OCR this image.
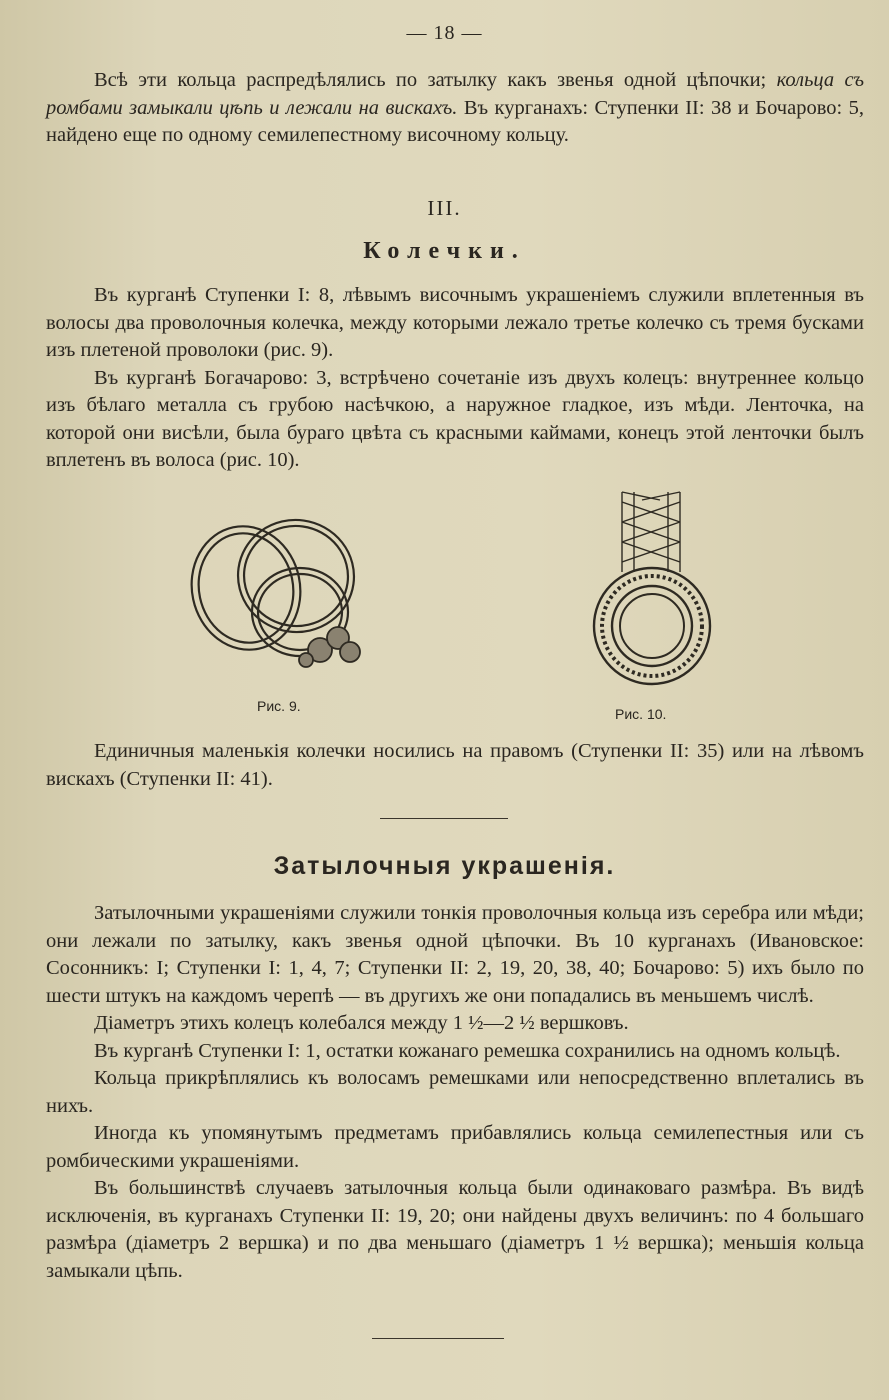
— 18 —

Всѣ эти кольца распредѣлялись по затылку какъ звенья одной цѣпочки; кольца съ ромбами замыкали цѣпь и лежали на вискахъ. Въ курганахъ: Ступенки II: 38 и Бочарово: 5, найдено еще по одному семилепестному височному кольцу.

III.
Колечки.

Въ курганѣ Ступенки I: 8, лѣвымъ височнымъ украшеніемъ служили вплетенныя въ волосы два проволочныя колечка, между которыми лежало третье колечко съ тремя бусками изъ плетеной проволоки (рис. 9).

Въ курганѣ Богачарово: 3, встрѣчено сочетаніе изъ двухъ колецъ: внутреннее кольцо изъ бѣлаго металла съ грубою насѣчкою, а наружное гладкое, изъ мѣди. Ленточка, на которой они висѣли, была бураго цвѣта съ красными каймами, конецъ этой ленточки былъ вплетенъ въ волоса (рис. 10).

Рис. 9.	Рис. 10.

Единичныя маленькія колечки носились на правомъ (Ступенки II: 35) или на лѣвомъ вискахъ (Ступенки II: 41).

Затылочныя украшенія.

Затылочными украшеніями служили тонкія проволочныя кольца изъ серебра или мѣди; они лежали по затылку, какъ звенья одной цѣпочки. Въ 10 курганахъ (Ивановское: Сосонникъ: I; Ступенки I: 1, 4, 7; Ступенки II: 2, 19, 20, 38, 40; Бочарово: 5) ихъ было по шести штукъ на каждомъ черепѣ — въ другихъ же они попадались въ меньшемъ числѣ.

Діаметръ этихъ колецъ колебался между 1 ½—2 ½ вершковъ.

Въ курганѣ Ступенки I: 1, остатки кожанаго ремешка сохранились на одномъ кольцѣ.

Кольца прикрѣплялись къ волосамъ ремешками или непосредственно вплетались въ нихъ.

Иногда къ упомянутымъ предметамъ прибавлялись кольца семилепестныя или съ ромбическими украшеніями.

Въ большинствѣ случаевъ затылочныя кольца были одинаковаго размѣра. Въ видѣ исключенія, въ курганахъ Ступенки II: 19, 20; они найдены двухъ величинъ: по 4 большаго размѣра (діаметръ 2 вершка) и по два меньшаго (діаметръ 1 ½ вершка); меньшія кольца замыкали цѣпь.
